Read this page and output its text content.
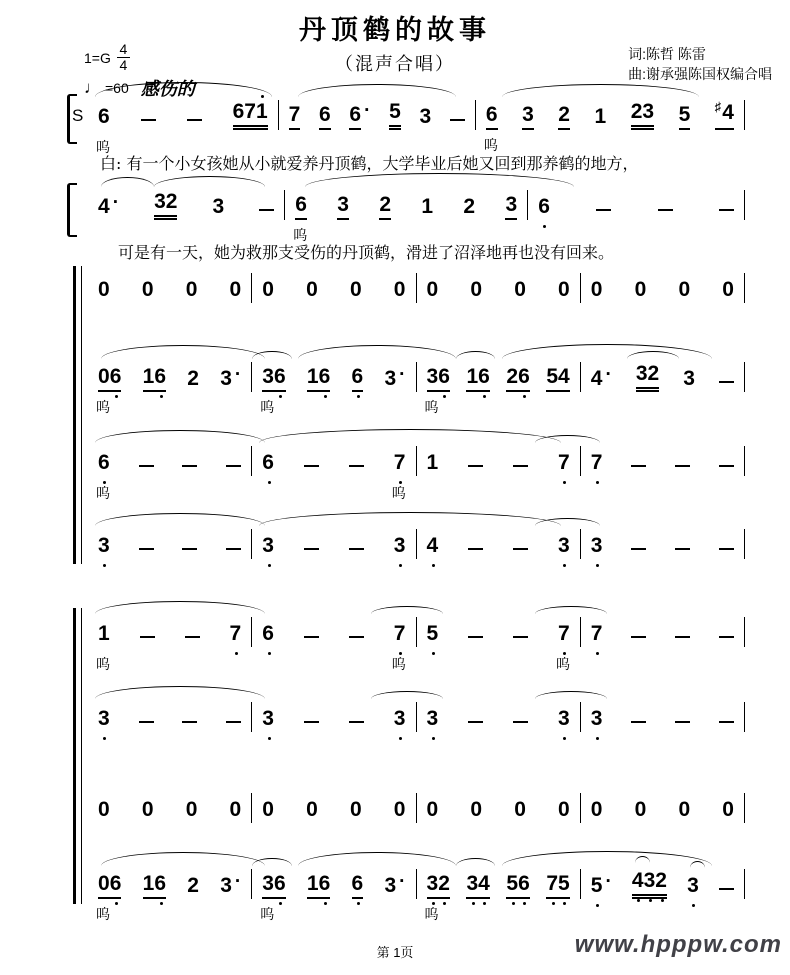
丹顶鹤的故事
（混声合唱）	词:陈哲 陈雷
曲:谢承强陈国权编合唱
1=G
4
4
♩ =60 感伤的
白: 有一个小女孩她从小就爱养丹顶鹤，大学毕业后她又回到那养鹤的地方，
可是有一天，她为救那支受伤的丹顶鹤，滑进了沼泽地再也没有回来。
S
呜
6	671 7 6 6 · 5 3
呜
6 3 2 1 23 5 ♯4
4 · 32 3
呜
6 3 2 1 2 3 6
0 0 0 0 0 0 0 0 0 0 0 0 0 0 0 0
呜
06 16 2 3 ·
呜
36 16 6 3 ·
呜
36 16 26 54 4 · 32 3
呜
6	6
呜
7 1	7 7
3	3	3 4	3 3
呜
1	7 6
呜
7 5
呜
7 7
3	3	3 3	3 3
0 0 0 0 0 0 0 0 0 0 0 0 0 0 0 0
呜
06 16 2 3 ·
呜
36 16 6 3 ·
呜
32 34 56 75 5 · 432 3
第 1页	www.hpppw.com
